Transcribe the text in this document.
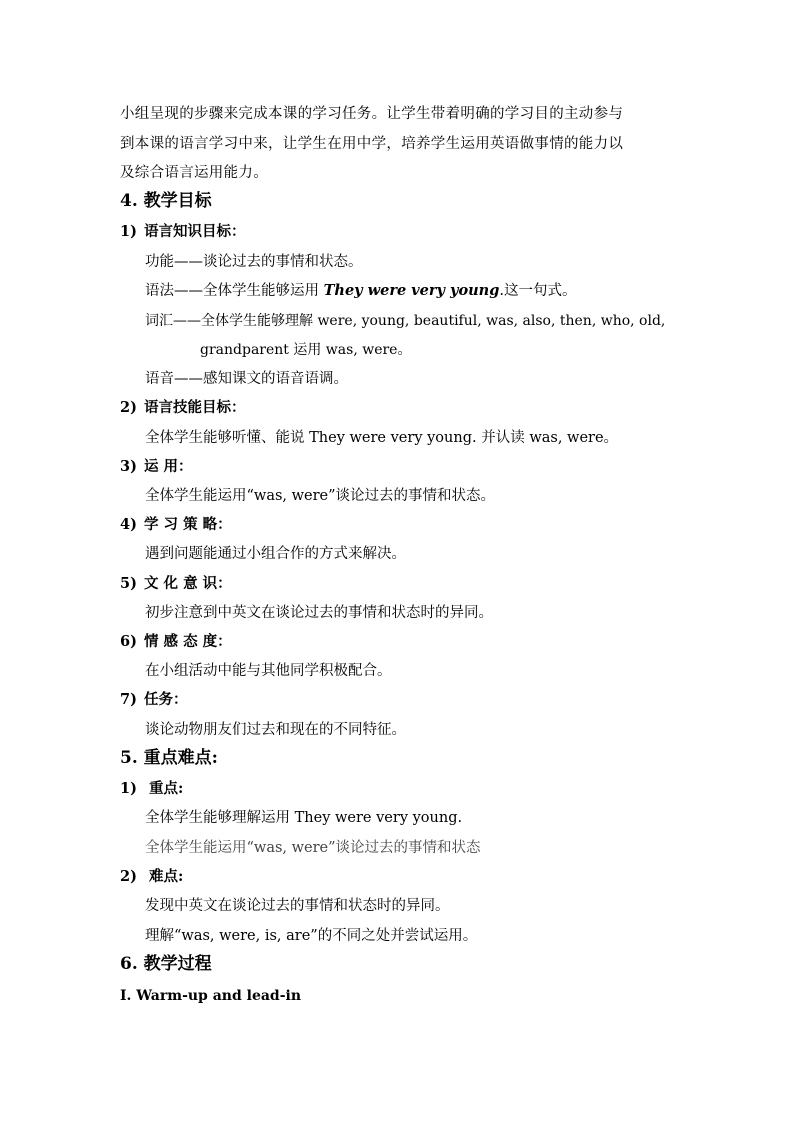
小组呈现的步骤来完成本课的学习任务。让学生带着明确的学习目的主动参与
到本课的语言学习中来，让学生在用中学，培养学生运用英语做事情的能力以
及综合语言运用能力。
4. 教学目标
1) 语言知识目标：
功能——谈论过去的事情和状态。
语法——全体学生能够运用 They were very young.这一句式。
词汇——全体学生能够理解 were, young, beautiful, was, also, then, who, old,
grandparent 运用 was, were。
语音——感知课文的语音语调。
2) 语言技能目标：
全体学生能够听懂、能说 They were very young. 并认读 was, were。
3) 运 用：
全体学生能运用“was, were”谈论过去的事情和状态。
4) 学 习 策 略：
遇到问题能通过小组合作的方式来解决。
5) 文 化 意 识：
初步注意到中英文在谈论过去的事情和状态时的异同。
6) 情 感 态 度：
在小组活动中能与其他同学积极配合。
7) 任务：
谈论动物朋友们过去和现在的不同特征。
5. 重点难点:
1) 重点:
全体学生能够理解运用 They were very young.
全体学生能运用“was, were”谈论过去的事情和状态
2) 难点:
发现中英文在谈论过去的事情和状态时的异同。
理解“was, were, is, are”的不同之处并尝试运用。
6. 教学过程
I. Warm-up and lead-in
